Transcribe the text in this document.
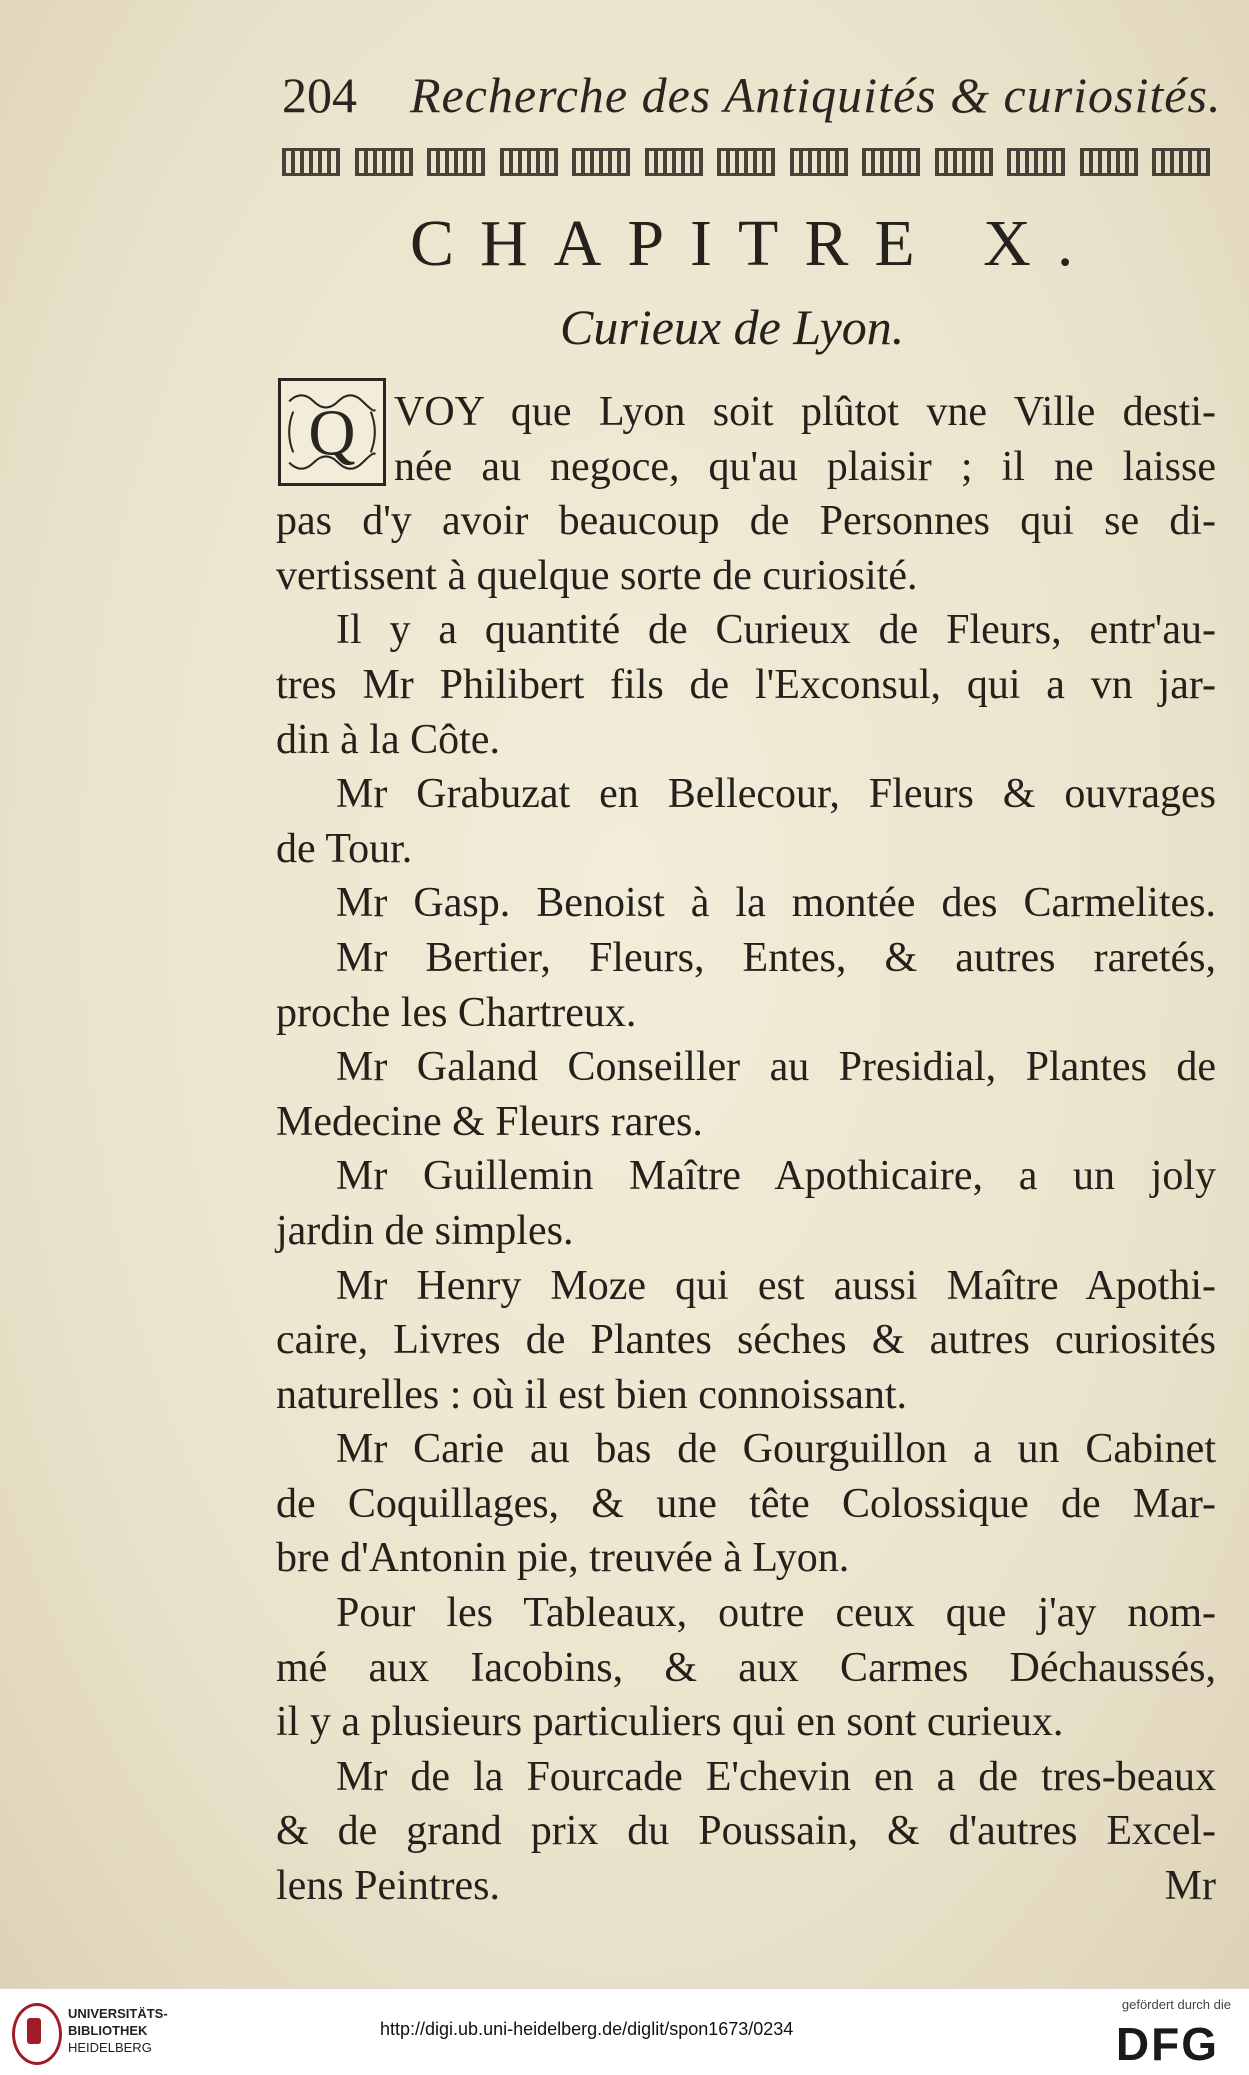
204 Recherche des Antiquités & curiosités.
CHAPITRE X.
Curieux de Lyon.
Q VOY que Lyon soit plûtot vne Ville desti-
née au negoce, qu'au plaisir ; il ne laisse
pas d'y avoir beaucoup de Personnes qui se di-
vertissent à quelque sorte de curiosité.
Il y a quantité de Curieux de Fleurs, entr'au-
tres Mr Philibert fils de l'Exconsul, qui a vn jar-
din à la Côte.
Mr Grabuzat en Bellecour, Fleurs & ouvrages
de Tour.
Mr Gasp. Benoist à la montée des Carmelites.
Mr Bertier, Fleurs, Entes, & autres raretés,
proche les Chartreux.
Mr Galand Conseiller au Presidial, Plantes de
Medecine & Fleurs rares.
Mr Guillemin Maître Apothicaire, a un joly
jardin de simples.
Mr Henry Moze qui est aussi Maître Apothi-
caire, Livres de Plantes séches & autres curiosités
naturelles : où il est bien connoissant.
Mr Carie au bas de Gourguillon a un Cabinet
de Coquillages, & une tête Colossique de Mar-
bre d'Antonin pie, treuvée à Lyon.
Pour les Tableaux, outre ceux que j'ay nom-
mé aux Iacobins, & aux Carmes Déchaussés,
il y a plusieurs particuliers qui en sont curieux.
Mr de la Fourcade E'chevin en a de tres-beaux
& de grand prix du Poussain, & d'autres Excel-
lens Peintres.	Mr
UNIVERSITÄTS-
BIBLIOTHEK
HEIDELBERG
http://digi.ub.uni-heidelberg.de/diglit/spon1673/0234
gefördert durch die
DFG
